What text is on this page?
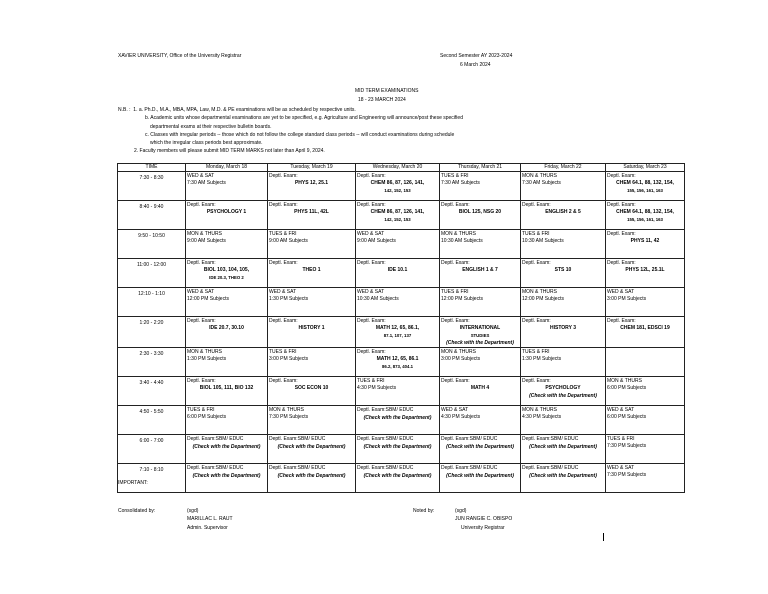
XAVIER UNIVERSITY, Office of the University Registrar	Second Semester AY 2023-2024
6 March 2024
MID TERM EXAMINATIONS
18 - 23 MARCH 2024
N.B. : 1. a. Ph.D., M.A., MBA, MPA, Law, M.D. & PE examinations will be as scheduled by respective units.
b. Academic units whose departmental examinations are yet to be specified, e.g. Agriculture and Engineering will announce/post these specified
departmental exams at their respective bulletin boards.
c. Classes with irregular periods -- those which do not follow the college standard class periods -- will conduct examinations during schedule
which the irregular class periods best approximate.
2. Faculty members will please submit MID TERM MARKS not later than April 9, 2024.
TIME	Monday, March 18	Tuesday, March 19	Wednesday, March 20	Thursday, March 21	Friday, March 22	Saturday, March 23
7:30 - 8:30	WED & SAT
7:30 AM Subjects	Deptl. Exam:
PHYS 12, 25.1	Deptl. Exam:
CHEM 86, 87, 126, 141,
142, 152, 153	TUES & FRI
7:30 AM Subjects	MON & THURS
7:30 AM Subjects	Deptl. Exam:
CHEM 64.1, 88, 132, 154,
155, 156, 161, 163

8:40 - 9:40	Deptl. Exam:
PSYCHOLOGY 1	Deptl. Exam:
PHYS 11L, 42L	Deptl. Exam:
CHEM 86, 87, 126, 141,
142, 152, 153	Deptl. Exam:
BIOL 125, NSG 20	Deptl. Exam:
ENGLISH 2 & 5	Deptl. Exam:
CHEM 64.1, 88, 132, 154,
155, 156, 161, 163

9:50 - 10:50	MON & THURS
9:00 AM Subjects	TUES & FRI
9:00 AM Subjects	WED & SAT
9:00 AM Subjects	MON & THURS
10:30 AM Subjects	TUES & FRI
10:30 AM Subjects	Deptl. Exam:
PHYS 11, 42

11:00 - 12:00	Deptl. Exam:
BIOL 103, 104, 105,
IDE 20.3, THEO 2	Deptl. Exam:
THEO 1	Deptl. Exam:
IDE 10.1	Deptl. Exam:
ENGLISH 1 & 7	Deptl. Exam:
STS 10	Deptl. Exam:
PHYS 12L, 25.1L

12:10 - 1:10	WED & SAT
12:00 PM Subjects	WED & SAT
1:30 PM Subjects	WED & SAT
10:30 AM Subjects	TUES & FRI
12:00 PM Subjects	MON & THURS
12:00 PM Subjects	WED & SAT
3:00 PM Subjects

1:20 - 2:20	Deptl. Exam:
IDE 20.7, 30.10	Deptl. Exam:
HISTORY 1	Deptl. Exam:
MATH 12, 65, 86.1,
87.1, 107, 137	Deptl. Exam:
INTERNATIONAL
STUDIES
(Check with the Department)	Deptl. Exam:
HISTORY 3	Deptl. Exam:
CHEM 181, EDSCI 19

2:30 - 3:30	MON & THURS
1:30 PM Subjects	TUES & FRI
3:00 PM Subjects	Deptl. Exam:
MATH 12, 65, 86.1
86.2, 873, 404.1	MON & THURS
3:00 PM Subjects	TUES & FRI
1:30 PM Subjects	

3:40 - 4:40	Deptl. Exam:
BIOL 105, 111, BIO 132	Deptl. Exam:
SOC ECON 10	TUES & FRI
4:30 PM Subjects	Deptl. Exam:
MATH 4	Deptl. Exam:
PSYCHOLOGY
(Check with the Department)	MON & THURS
6:00 PM Subjects

4:50 - 5:50	TUES & FRI
6:00 PM Subjects	MON & THURS
7:30 PM Subjects	Deptl. Exam:SBM/ EDUC
(Check with the Department)	WED & SAT
4:30 PM Subjects	MON & THURS
4:30 PM Subjects	WED & SAT
6:00 PM Subjects

6:00 - 7:00	Deptl. Exam:SBM/ EDUC
(Check with the Department)	Deptl. Exam:SBM/ EDUC
(Check with the Department)	Deptl. Exam:SBM/ EDUC
(Check with the Department)	Deptl. Exam:SBM/ EDUC
(Check with the Department)	Deptl. Exam:SBM/ EDUC
(Check with the Department)	TUES & FRI
7:30 PM Subjects

7:10 - 8:10	Deptl. Exam:SBM/ EDUC
(Check with the Department)	Deptl. Exam:SBM/ EDUC
(Check with the Department)	Deptl. Exam:SBM/ EDUC
(Check with the Department)	Deptl. Exam:SBM/ EDUC
(Check with the Department)	Deptl. Exam:SBM/ EDUC
(Check with the Department)	WED & SAT
7:30 PM Subjects
IMPORTANT:
Consolidated by:	(sgd)
MARILLAC L. RAUT
Admin. Supervisor
Noted by:	(sgd)
JUN RANGIE C. OBISPO
University Registrar
